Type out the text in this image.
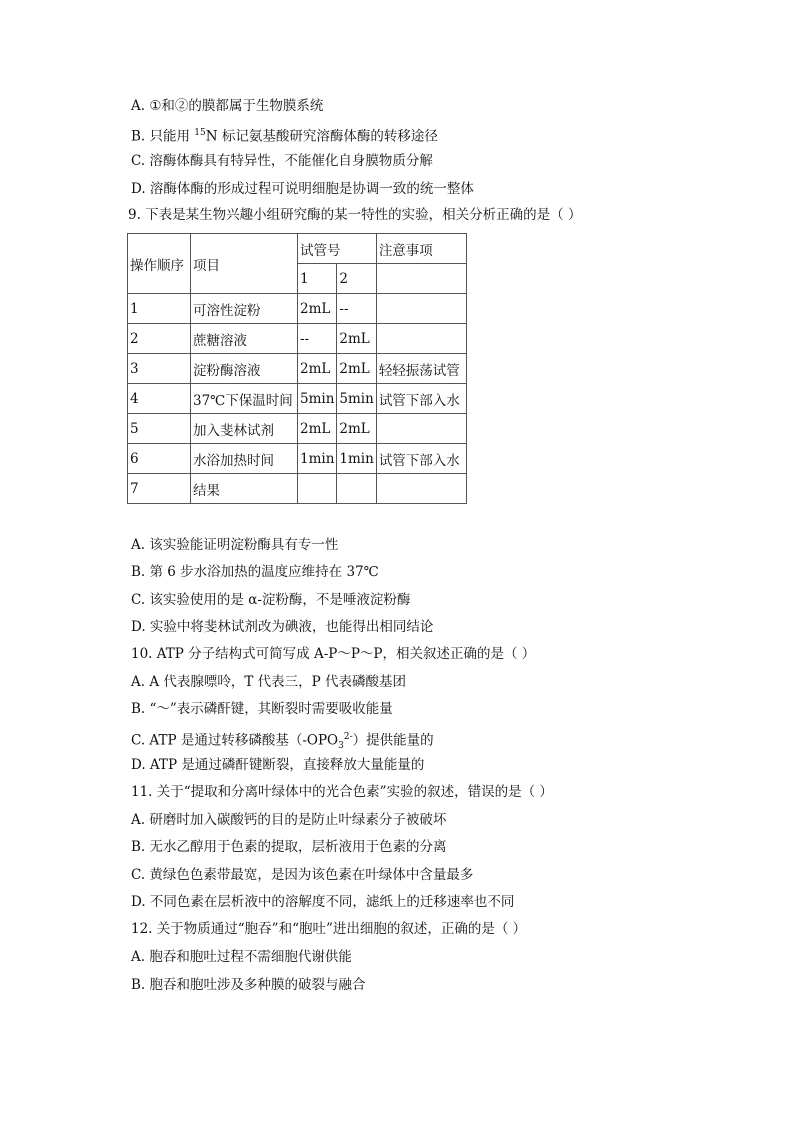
A. ①和②的膜都属于生物膜系统
B. 只能用 $^{15}$N 标记氨基酸研究溶酶体酶的转移途径
C. 溶酶体酶具有特异性，不能催化自身膜物质分解
D. 溶酶体酶的形成过程可说明细胞是协调一致的统一整体
9. 下表是某生物兴趣小组研究酶的某一特性的实验，相关分析正确的是（ ）
操作顺序	项目	试管号		注意事项
		1	2	
1	可溶性淀粉	2mL	--	
2	蔗糖溶液	--	2mL	
3	淀粉酶溶液	2mL	2mL	轻轻振荡试管
4	37℃下保温时间	5min	5min	试管下部入水
5	加入斐林试剂	2mL	2mL	
6	水浴加热时间	1min	1min	试管下部入水
7	结果			
A. 该实验能证明淀粉酶具有专一性
B. 第 6 步水浴加热的温度应维持在 37℃
C. 该实验使用的是 α-淀粉酶，不是唾液淀粉酶
D. 实验中将斐林试剂改为碘液，也能得出相同结论
10. ATP 分子结构式可简写成 A-P～P～P，相关叙述正确的是（ ）
A. A 代表腺嘌呤，T 代表三，P 代表磷酸基团
B. “～”表示磷酐键，其断裂时需要吸收能量
C. ATP 是通过转移磷酸基$(-OPO_3^{2-})$提供能量的
D. ATP 是通过磷酐键断裂，直接释放大量能量的
11. 关于“提取和分离叶绿体中的光合色素”实验的叙述，错误的是（ ）
A. 研磨时加入碳酸钙的目的是防止叶绿素分子被破坏
B. 无水乙醇用于色素的提取，层析液用于色素的分离
C. 黄绿色色素带最宽，是因为该色素在叶绿体中含量最多
D. 不同色素在层析液中的溶解度不同，滤纸上的迁移速率也不同
12. 关于物质通过“胞吞”和“胞吐”进出细胞的叙述，正确的是（ ）
A. 胞吞和胞吐过程不需细胞代谢供能
B. 胞吞和胞吐涉及多种膜的破裂与融合
